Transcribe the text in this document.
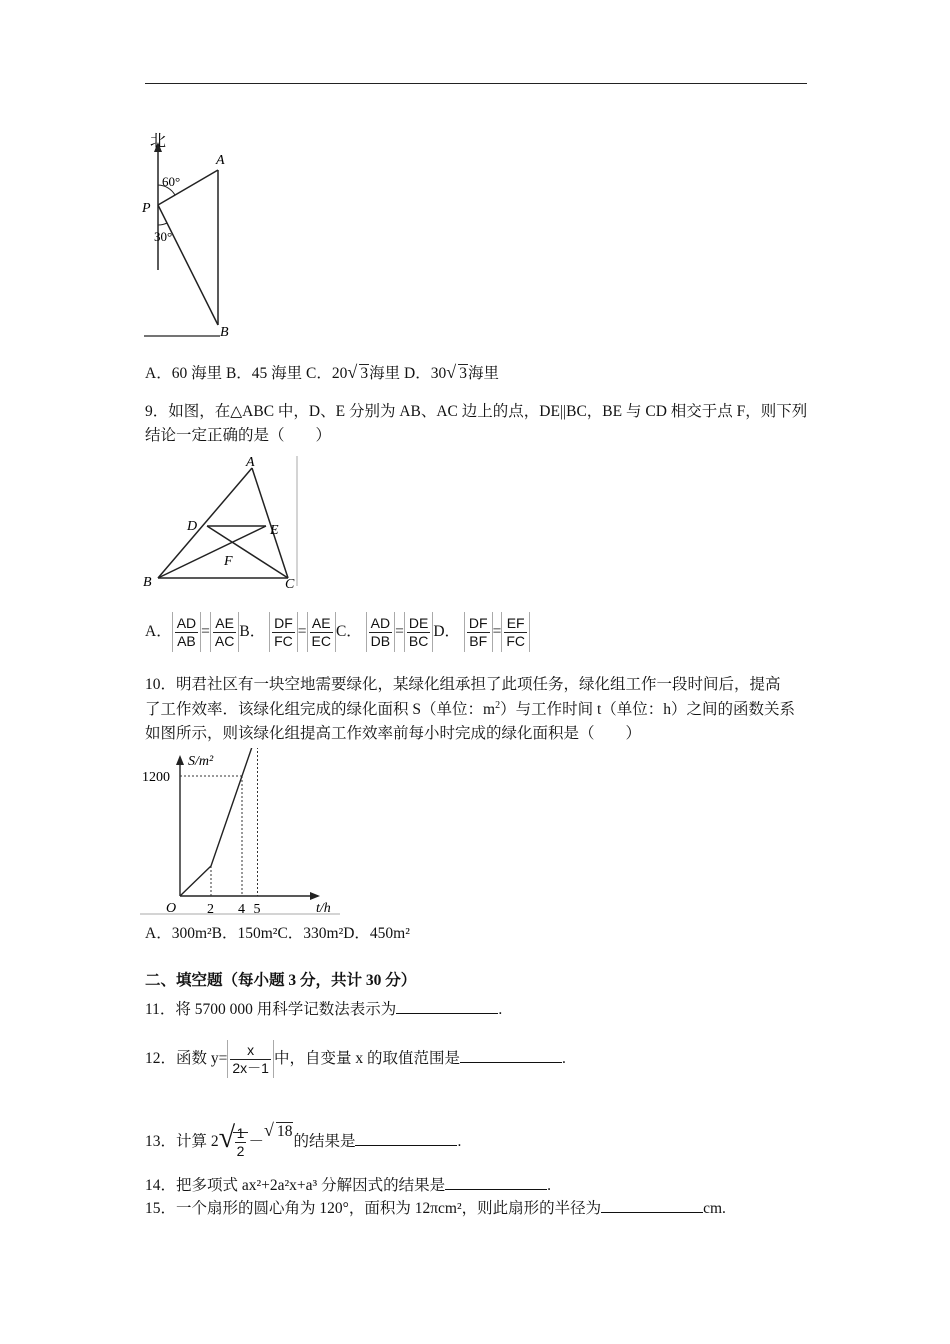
北
A
P
B
60°
30°
A．60 海里 B．45 海里 C．20 √ 3海里 D．30 √ 3海里
9．如图，在△ABC 中，D、E 分别为 AB、AC 边上的点，DE||BC，BE 与 CD 相交于点 F，则下列
结论一定正确的是（　　）
A
D	E
F
B	C
A． $\frac{AD}{AB} = \frac{AE}{AC}$ B． $\frac{DF}{FC} = \frac{AE}{EC}$ C． $\frac{AD}{DB} = \frac{DE}{BC}$ D． $\frac{DF}{BF} = \frac{EF}{FC}$
10．明君社区有一块空地需要绿化，某绿化组承担了此项任务，绿化组工作一段时间后，提高
了工作效率．该绿化组完成的绿化面积 S（单位：$m^2$）与工作时间 t（单位：h）之间的函数关系
如图所示，则该绿化组提高工作效率前每小时完成的绿化面积是（　　）
S/m²
t/h
O
1200
2 4 5
A．300m²B．150m²C．330m²D．450m²
二、填空题（每小题 3 分，共计 30 分）
11．将 5700 000 用科学记数法表示为	.
12．函数 $y= \frac{x}{2x-1}$ 中，自变量 x 的取值范围是	.
13．计算 2 √ $\frac{1}{2}$ －
√ 18的结果是	.
14．把多项式 ax²+2a²x+a³ 分解因式的结果是	.
15．一个扇形的圆心角为 120°，面积为 12πcm²，则此扇形的半径为	cm.
